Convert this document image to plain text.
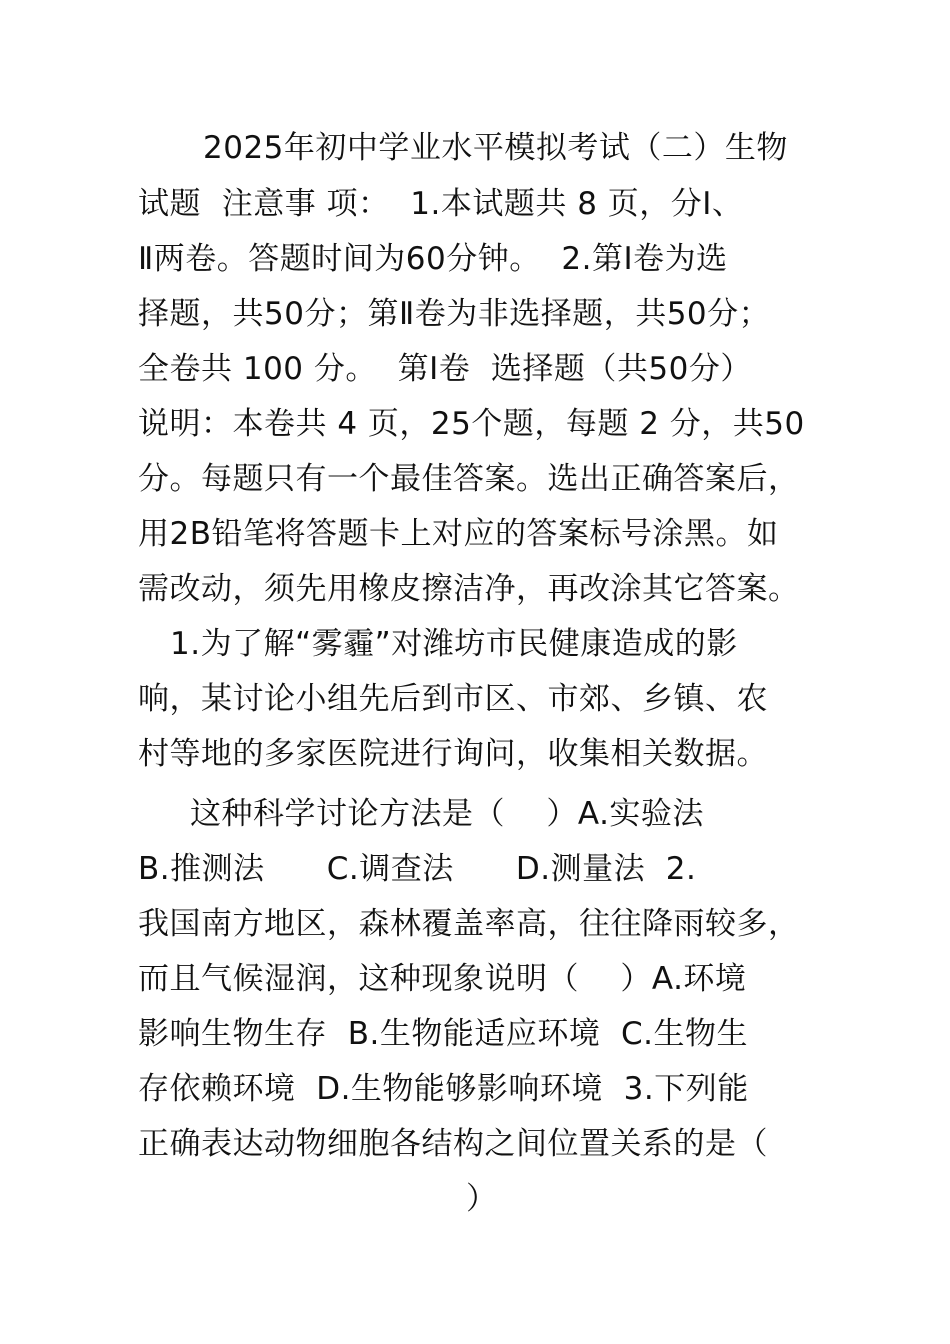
2025年初中学业水平模拟考试（二）生物
试题  注意事 项：  1.本试题共 8 页，分Ⅰ、
Ⅱ两卷。答题时间为60分钟。  2.第Ⅰ卷为选
择题，共50分；第Ⅱ卷为非选择题，共50分；
全卷共 100 分。  第Ⅰ卷  选择题（共50分）
说明：本卷共 4 页，25个题，每题 2 分，共50
分。每题只有一个最佳答案。选出正确答案后，
用2B铅笔将答题卡上对应的答案标号涂黑。如
需改动，须先用橡皮擦洁净，再改涂其它答案。
1.为了解“雾霾”对潍坊市民健康造成的影
响，某讨论小组先后到市区、市郊、乡镇、农
村等地的多家医院进行询问，收集相关数据。
这种科学讨论方法是（    ）A.实验法
B.推测法      C.调查法      D.测量法  2.
我国南方地区，森林覆盖率高，往往降雨较多，
而且气候湿润，这种现象说明（    ）A.环境
影响生物生存  B.生物能适应环境  C.生物生
存依赖环境  D.生物能够影响环境  3.下列能
正确表达动物细胞各结构之间位置关系的是（
）
